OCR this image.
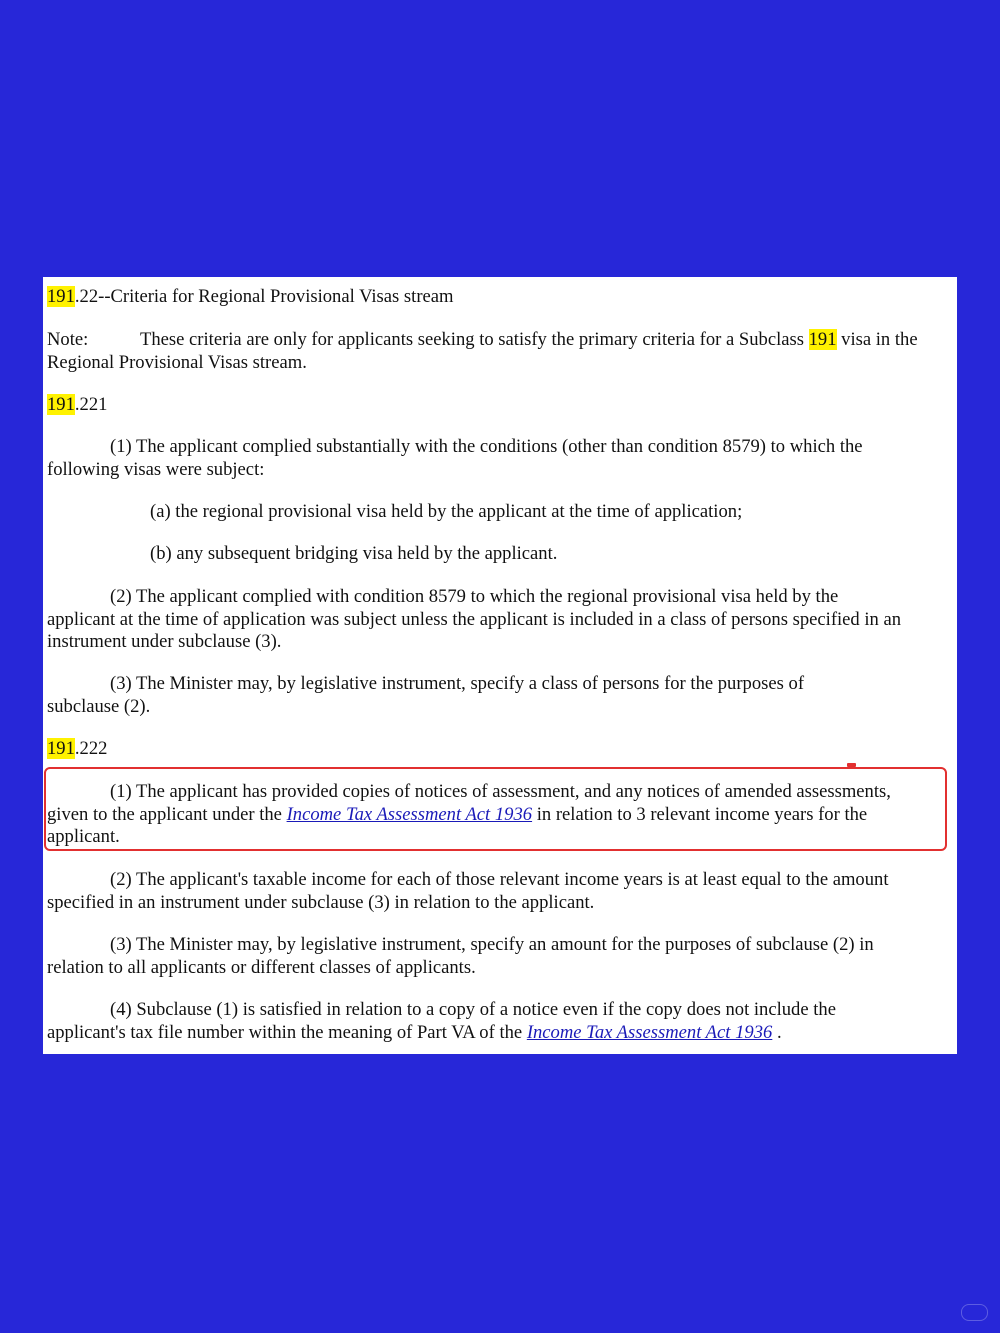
191.22--Criteria for Regional Provisional Visas stream
Note:	These criteria are only for applicants seeking to satisfy the primary criteria for a Subclass 191 visa in the
Regional Provisional Visas stream.
191.221
(1) The applicant complied substantially with the conditions (other than condition 8579) to which the
following visas were subject:
(a) the regional provisional visa held by the applicant at the time of application;
(b) any subsequent bridging visa held by the applicant.
(2) The applicant complied with condition 8579 to which the regional provisional visa held by the
applicant at the time of application was subject unless the applicant is included in a class of persons specified in an
instrument under subclause (3).
(3) The Minister may, by legislative instrument, specify a class of persons for the purposes of
subclause (2).
191.222
(1) The applicant has provided copies of notices of assessment, and any notices of amended assessments,
given to the applicant under the Income Tax Assessment Act 1936 in relation to 3 relevant income years for the
applicant.
(2) The applicant's taxable income for each of those relevant income years is at least equal to the amount
specified in an instrument under subclause (3) in relation to the applicant.
(3) The Minister may, by legislative instrument, specify an amount for the purposes of subclause (2) in
relation to all applicants or different classes of applicants.
(4) Subclause (1) is satisfied in relation to a copy of a notice even if the copy does not include the
applicant's tax file number within the meaning of Part VA of the Income Tax Assessment Act 1936 .
